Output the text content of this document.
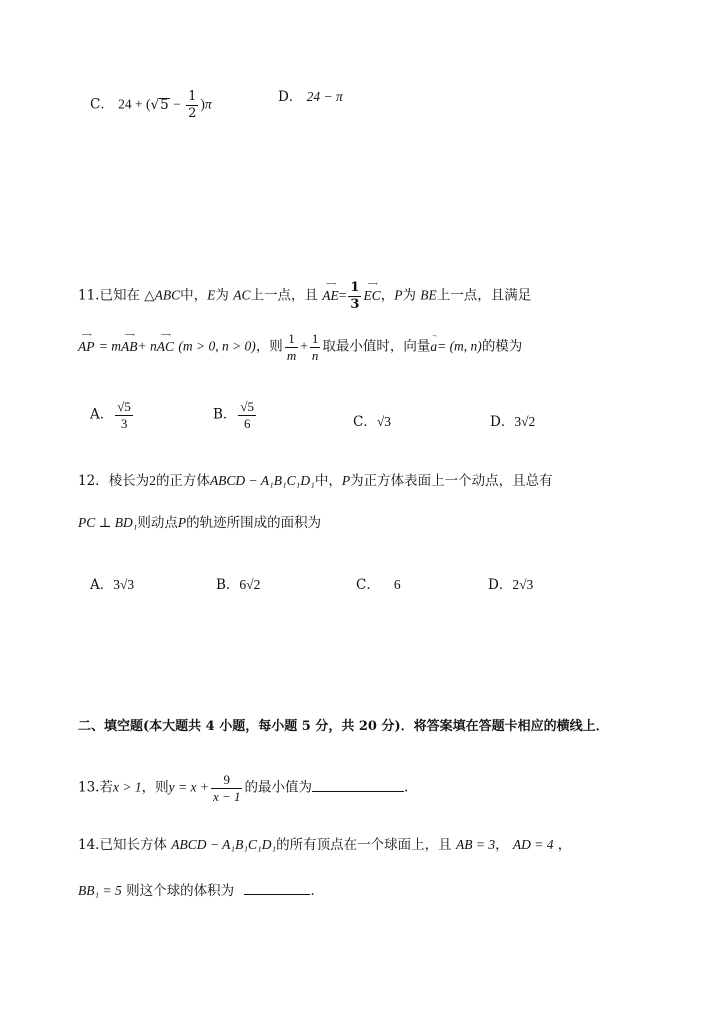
C． $24 + (√5 - \frac{1}{2} )\pi$	D． 24 − π
11.已知在 △ABC中，E为 AC上一点，且
⟶
$AE= \frac{1}{3}$ ⟶
EC，P为 BE上一点，且满足
⟶
AP = m
⟶
AB+ n
⟶
AC (m > 0, n > 0)，则 $\frac{1}{m} + \frac{1}{n}$ 取最小值时，向量
→
a= (m, n)的模为
A． $\frac{√5}{3}$	B． $\frac{√5}{6}$	C．√3	D．3√2
12．棱长为2的正方体ABCD − A₁B₁C₁D₁中，P为正方体表面上一个动点，且总有
PC ⊥ BD₁则动点P的轨迹所围成的面积为
A．3√3	B．6√2	C． 6	D．2√3
二、填空题(本大题共 4 小题，每小题 5 分，共 20 分)．将答案填在答题卡相应的横线上．
13.若x > 1，则$y = x + \frac{9}{x - 1}$ 的最小值为	.
14.已知长方体 ABCD − A₁B₁C₁D₁的所有顶点在一个球面上，且 AB = 3， AD = 4 ，
BB₁ = 5 则这个球的体积为	.
